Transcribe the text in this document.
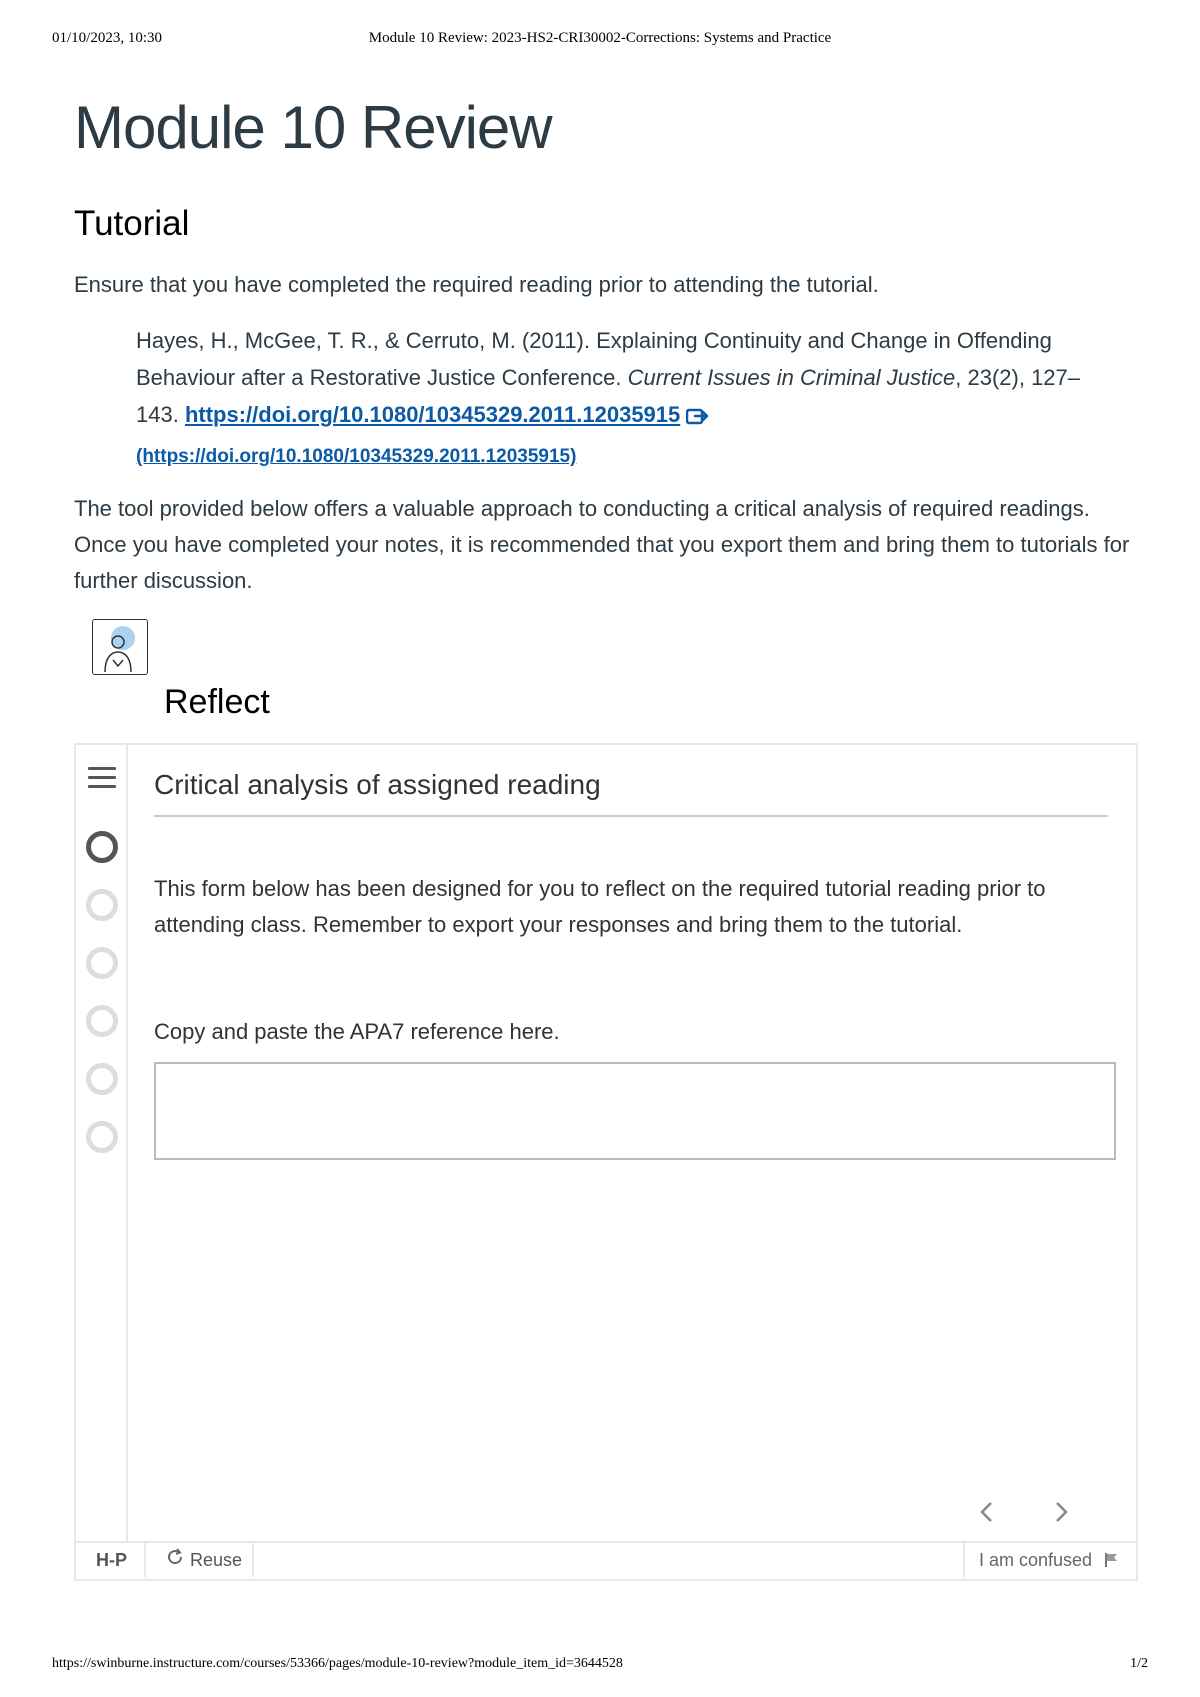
01/10/2023, 10:30	Module 10 Review: 2023-HS2-CRI30002-Corrections: Systems and Practice
Module 10 Review
Tutorial

Ensure that you have completed the required reading prior to attending the tutorial.

Hayes, H., McGee, T. R., & Cerruto, M. (2011). Explaining Continuity and Change in Offending Behaviour after a Restorative Justice Conference. Current Issues in Criminal Justice, 23(2), 127–143. https://doi.org/10.1080/10345329.2011.12035915
(https://doi.org/10.1080/10345329.2011.12035915)

The tool provided below offers a valuable approach to conducting a critical analysis of required readings. Once you have completed your notes, it is recommended that you export them and bring them to tutorials for further discussion.

Reflect
Critical analysis of assigned reading
This form below has been designed for you to reflect on the required tutorial reading prior to attending class. Remember to export your responses and bring them to the tutorial.
Copy and paste the APA7 reference here.
H‑P	Reuse	I am confused
https://swinburne.instructure.com/courses/53366/pages/module-10-review?module_item_id=3644528	1/2
